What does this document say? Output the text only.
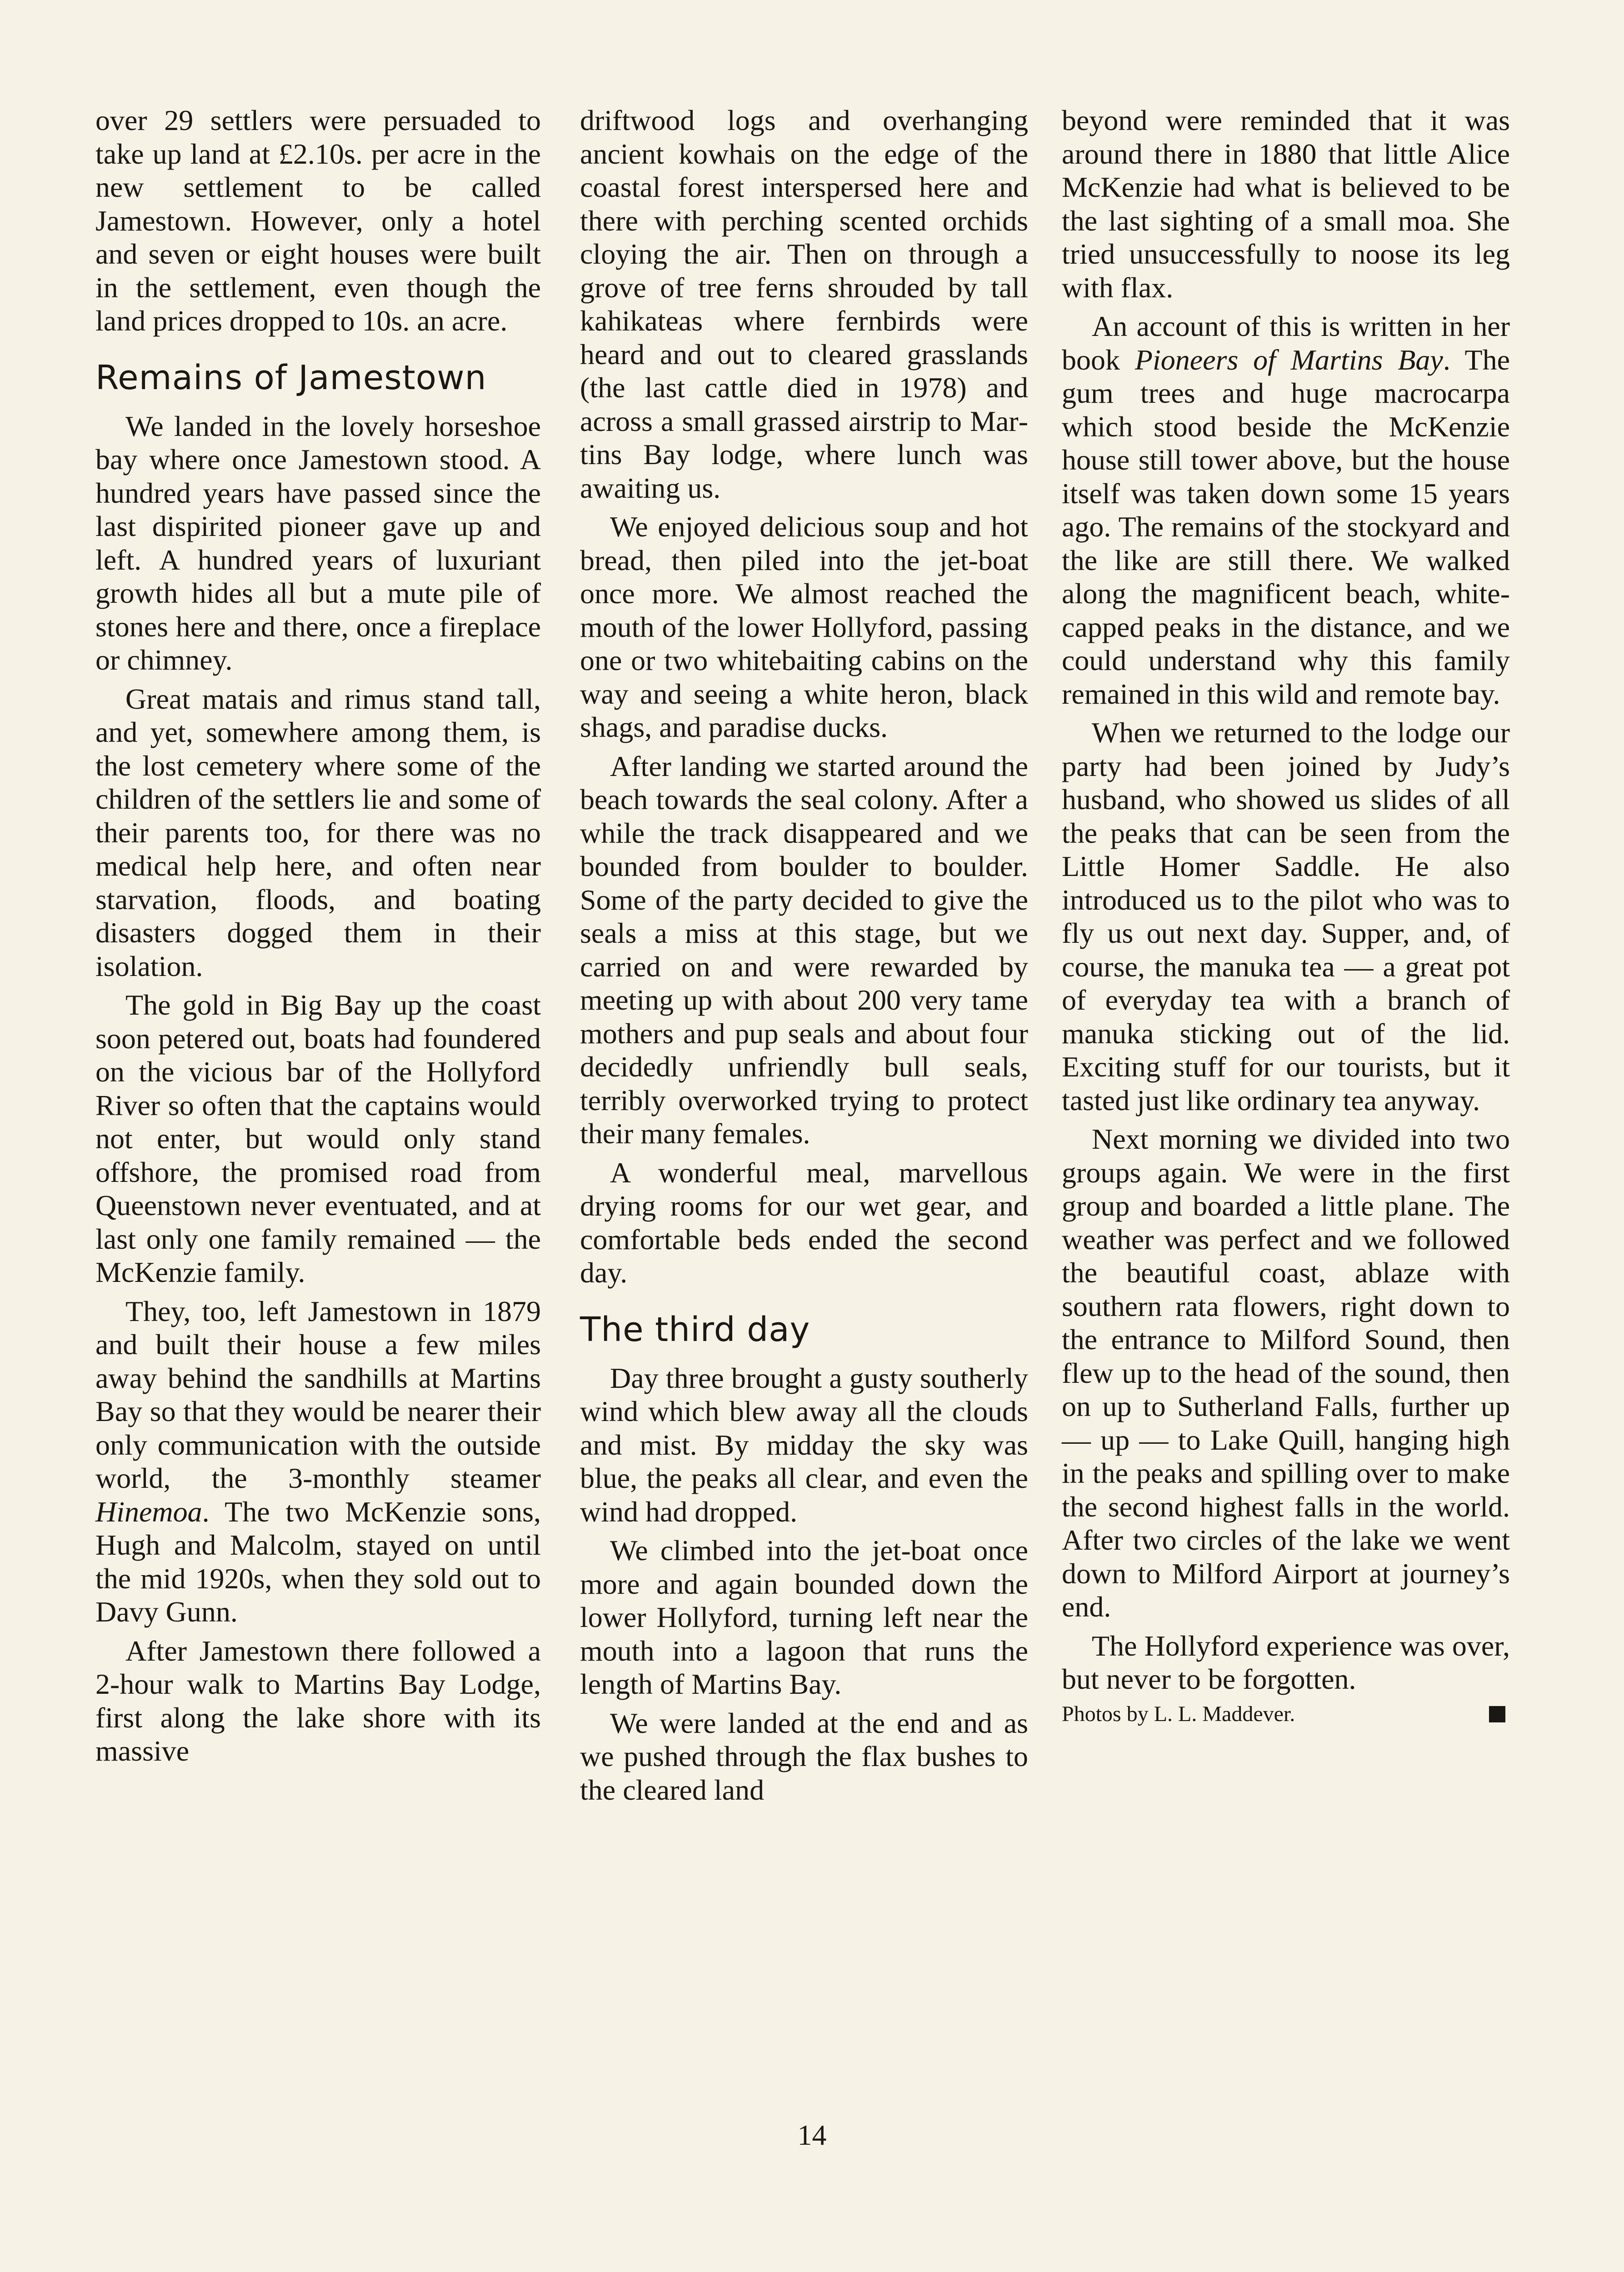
over 29 settlers were persuaded to take up land at £2.10s. per acre in the new settlement to be called Jamestown. However, only a hotel and seven or eight houses were built in the settlement, even though the land prices dropped to 10s. an acre.

Remains of Jamestown

We landed in the lovely horseshoe bay where once Jamestown stood. A hundred years have passed since the last dispirited pioneer gave up and left. A hundred years of luxuriant growth hides all but a mute pile of stones here and there, once a fireplace or chimney.

Great matais and rimus stand tall, and yet, somewhere among them, is the lost cemetery where some of the children of the settlers lie and some of their parents too, for there was no medical help here, and often near starvation, floods, and boating disasters dogged them in their isolation.

The gold in Big Bay up the coast soon petered out, boats had foundered on the vicious bar of the Hollyford River so often that the captains would not enter, but would only stand offshore, the promised road from Queenstown never eventuated, and at last only one family remained — the McKenzie family.

They, too, left Jamestown in 1879 and built their house a few miles away behind the sandhills at Martins Bay so that they would be nearer their only communication with the outside world, the 3-monthly steamer Hinemoa. The two McKenzie sons, Hugh and Malcolm, stayed on until the mid 1920s, when they sold out to Davy Gunn.

After Jamestown there followed a 2-hour walk to Martins Bay Lodge, first along the lake shore with its massive

driftwood logs and overhanging ancient kowhais on the edge of the coastal forest interspersed here and there with perching scented orchids cloying the air. Then on through a grove of tree ferns shrouded by tall kahikateas where fernbirds were heard and out to cleared grasslands (the last cattle died in 1978) and across a small grassed airstrip to Martins Bay lodge, where lunch was awaiting us.

We enjoyed delicious soup and hot bread, then piled into the jet-boat once more. We almost reached the mouth of the lower Hollyford, passing one or two whitebaiting cabins on the way and seeing a white heron, black shags, and paradise ducks.

After landing we started around the beach towards the seal colony. After a while the track disappeared and we bounded from boulder to boulder. Some of the party decided to give the seals a miss at this stage, but we carried on and were rewarded by meeting up with about 200 very tame mothers and pup seals and about four decidedly unfriendly bull seals, terribly overworked trying to protect their many females.

A wonderful meal, marvellous drying rooms for our wet gear, and comfortable beds ended the second day.

The third day

Day three brought a gusty southerly wind which blew away all the clouds and mist. By midday the sky was blue, the peaks all clear, and even the wind had dropped.

We climbed into the jet-boat once more and again bounded down the lower Hollyford, turning left near the mouth into a lagoon that runs the length of Martins Bay.

We were landed at the end and as we pushed through the flax bushes to the cleared land

beyond were reminded that it was around there in 1880 that little Alice McKenzie had what is believed to be the last sighting of a small moa. She tried unsuccessfully to noose its leg with flax.

An account of this is written in her book Pioneers of Martins Bay. The gum trees and huge macrocarpa which stood beside the McKenzie house still tower above, but the house itself was taken down some 15 years ago. The remains of the stockyard and the like are still there. We walked along the magnificent beach, white-capped peaks in the distance, and we could understand why this family remained in this wild and remote bay.

When we returned to the lodge our party had been joined by Judy’s husband, who showed us slides of all the peaks that can be seen from the Little Homer Saddle. He also introduced us to the pilot who was to fly us out next day. Supper, and, of course, the manuka tea — a great pot of everyday tea with a branch of manuka sticking out of the lid. Exciting stuff for our tourists, but it tasted just like ordinary tea anyway.

Next morning we divided into two groups again. We were in the first group and boarded a little plane. The weather was perfect and we followed the beautiful coast, ablaze with southern rata flowers, right down to the entrance to Milford Sound, then flew up to the head of the sound, then on up to Sutherland Falls, further up — up — to Lake Quill, hanging high in the peaks and spilling over to make the second highest falls in the world. After two circles of the lake we went down to Milford Airport at journey’s end.

The Hollyford experience was over, but never to be forgotten.

Photos by L. L. Maddever.
14
